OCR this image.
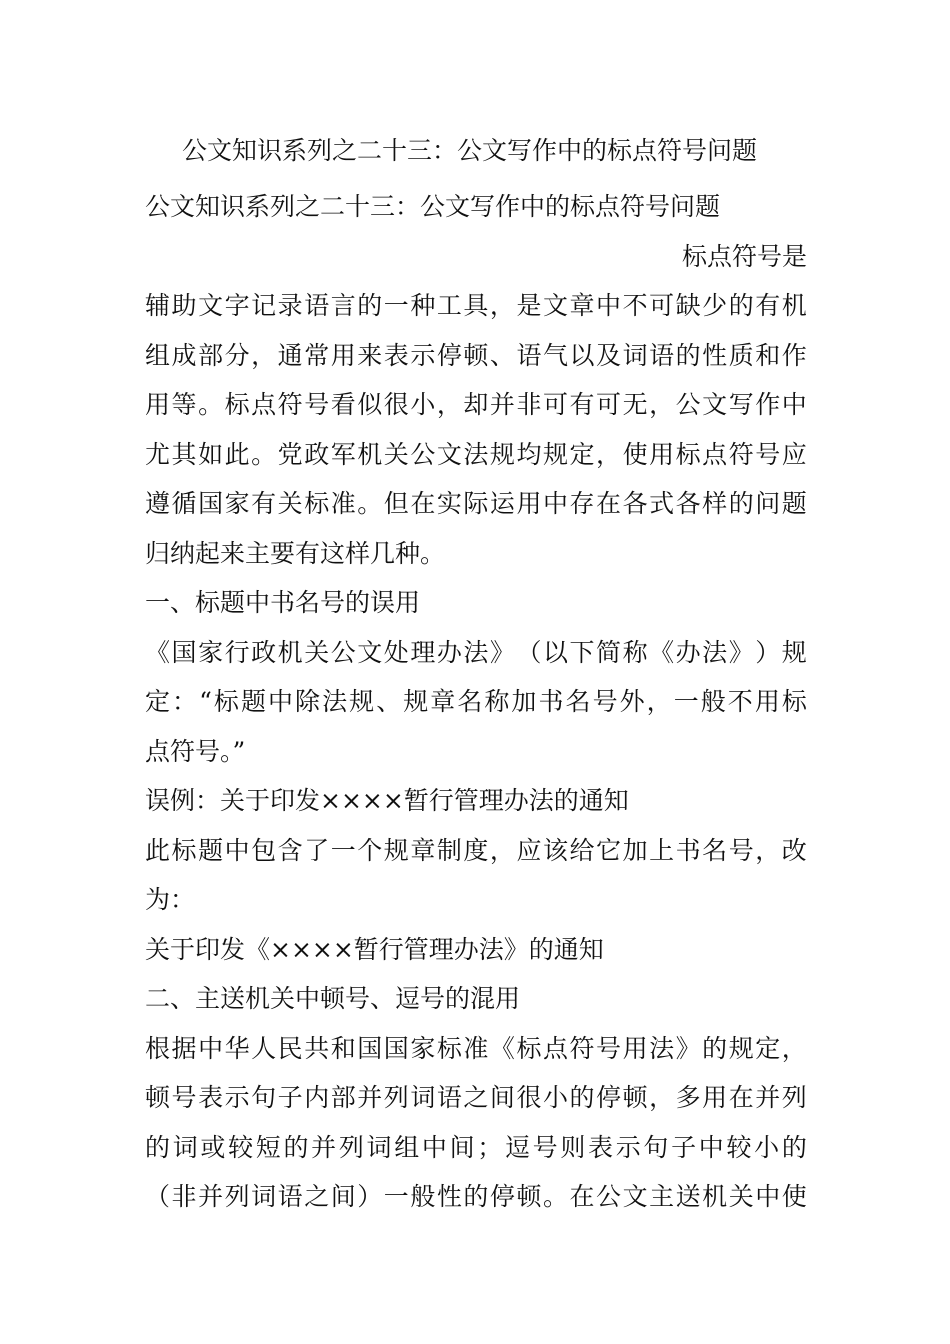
公文知识系列之二十三：公文写作中的标点符号问题
公文知识系列之二十三：公文写作中的标点符号问题
标点符号是
辅 助 文 字 记 录 语 言 的 一 种 工 具 ， 是 文 章 中 不 可 缺 少 的 有 机
组 成 部 分 ， 通 常 用 来 表 示 停 顿 、 语 气 以 及 词 语 的 性 质 和 作
用 等 。 标 点 符 号 看 似 很 小 ， 却 并 非 可 有 可 无 ， 公 文 写 作 中
尤 其 如 此 。 党 政 军 机 关 公 文 法 规 均 规 定 ， 使 用 标 点 符 号 应
遵 循 国 家 有 关 标 准 。 但 在 实 际 运 用 中 存 在 各 式 各 样 的 问 题
归纳起来主要有这样几种。
一、标题中书名号的误用
《 国 家 行 政 机 关 公 文 处 理 办 法 》 （ 以 下 简 称 《 办 法 》 ） 规
定 ： “ 标 题 中 除 法 规 、 规 章 名 称 加 书 名 号 外 ， 一 般 不 用 标
点符号。”
误例：关于印发××××暂行管理办法的通知
此 标 题 中 包 含 了 一 个 规 章 制 度 ， 应 该 给 它 加 上 书 名 号 ， 改
为：
关于印发《××××暂行管理办法》的通知
二、主送机关中顿号、逗号的混用
根 据 中 华 人 民 共 和 国 国 家 标 准 《 标 点 符 号 用 法 》 的 规 定 ，
顿 号 表 示 句 子 内 部 并 列 词 语 之 间 很 小 的 停 顿 ， 多 用 在 并 列
的 词 或 较 短 的 并 列 词 组 中 间 ； 逗 号 则 表 示 句 子 中 较 小 的
（ 非 并 列 词 语 之 间 ） 一 般 性 的 停 顿 。 在 公 文 主 送 机 关 中 使
